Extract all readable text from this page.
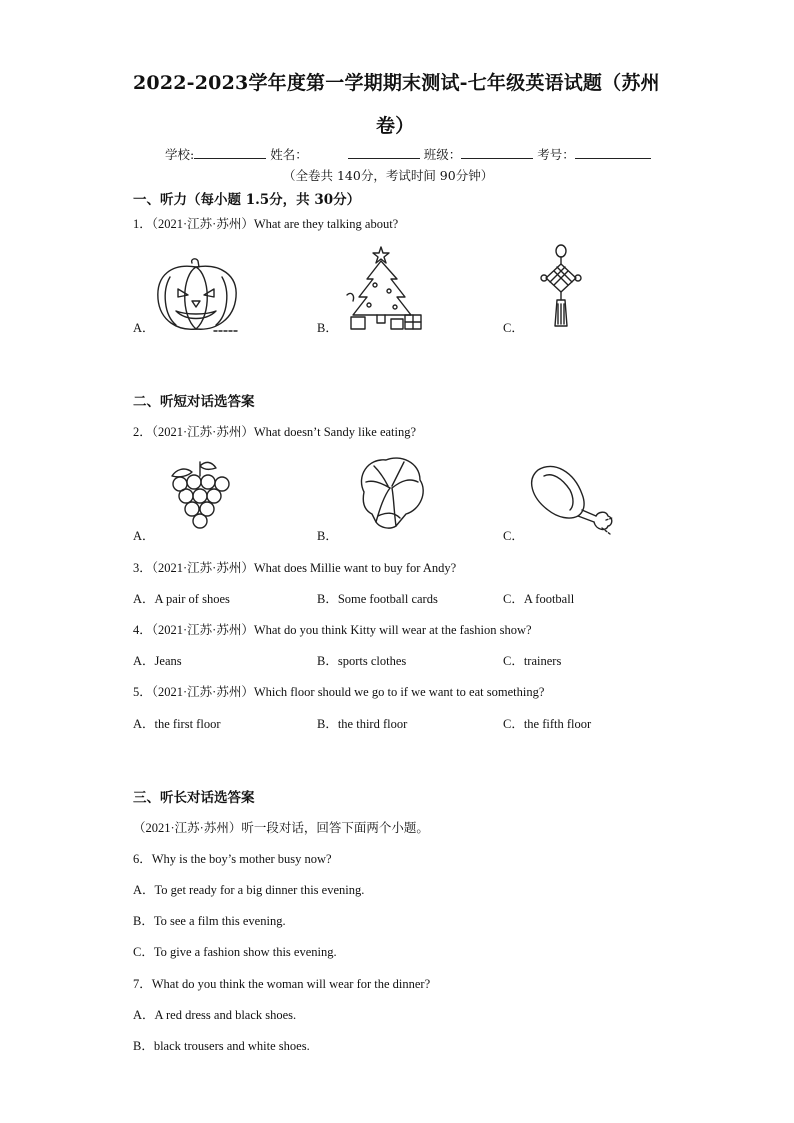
2022-2023学年度第一学期期末测试-七年级英语试题（苏州
卷）
学校:	姓名：	班级：	考号：
（全卷共 140分，考试时间 90分钟）
一、听力（每小题 1.5分，共 30分）
1．（2021·江苏·苏州）What are they talking about?
A．	B．	C．
二、听短对话选答案
2．（2021·江苏·苏州）What doesn’t Sandy like eating?
A．	B．	C．
3．（2021·江苏·苏州）What does Millie want to buy for Andy?
A．A pair of shoes	B．Some football cards	C．A football
4．（2021·江苏·苏州）What do you think Kitty will wear at the fashion show?
A．Jeans	B．sports clothes	C．trainers
5．（2021·江苏·苏州）Which floor should we go to if we want to eat something?
A．the first floor	B．the third floor	C．the fifth floor
三、听长对话选答案
（2021·江苏·苏州）听一段对话，回答下面两个小题。
6．Why is the boy’s mother busy now?
A．To get ready for a big dinner this evening.
B．To see a film this evening.
C．To give a fashion show this evening.
7．What do you think the woman will wear for the dinner?
A．A red dress and black shoes.
B．black trousers and white shoes.
